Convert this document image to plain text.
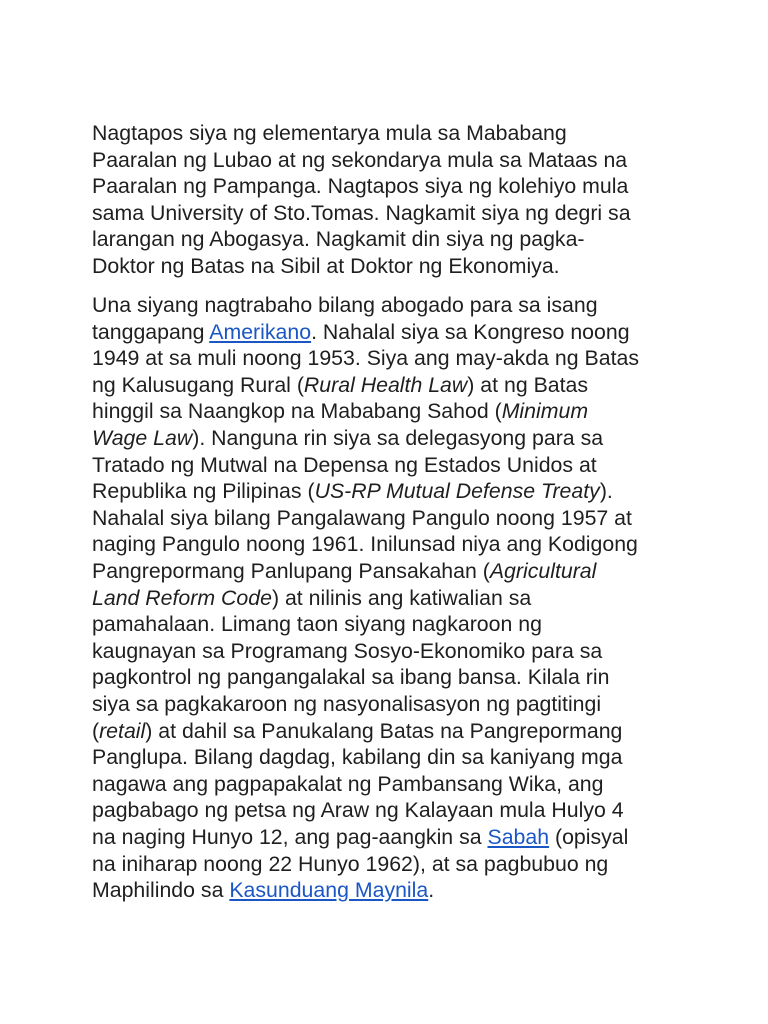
Nagtapos siya ng elementarya mula sa Mababang
Paaralan ng Lubao at ng sekondarya mula sa Mataas na
Paaralan ng Pampanga. Nagtapos siya ng kolehiyo mula
sama University of Sto.Tomas. Nagkamit siya ng degri sa
larangan ng Abogasya. Nagkamit din siya ng pagka-
Doktor ng Batas na Sibil at Doktor ng Ekonomiya.

Una siyang nagtrabaho bilang abogado para sa isang
tanggapang Amerikano. Nahalal siya sa Kongreso noong
1949 at sa muli noong 1953. Siya ang may-akda ng Batas
ng Kalusugang Rural (Rural Health Law) at ng Batas
hinggil sa Naangkop na Mababang Sahod (Minimum
Wage Law). Nanguna rin siya sa delegasyong para sa
Tratado ng Mutwal na Depensa ng Estados Unidos at
Republika ng Pilipinas (US-RP Mutual Defense Treaty).
Nahalal siya bilang Pangalawang Pangulo noong 1957 at
naging Pangulo noong 1961. Inilunsad niya ang Kodigong
Pangrepormang Panlupang Pansakahan (Agricultural
Land Reform Code) at nilinis ang katiwalian sa
pamahalaan. Limang taon siyang nagkaroon ng
kaugnayan sa Programang Sosyo-Ekonomiko para sa
pagkontrol ng pangangalakal sa ibang bansa. Kilala rin
siya sa pagkakaroon ng nasyonalisasyon ng pagtitingi
(retail) at dahil sa Panukalang Batas na Pangrepormang
Panglupa. Bilang dagdag, kabilang din sa kaniyang mga
nagawa ang pagpapakalat ng Pambansang Wika, ang
pagbabago ng petsa ng Araw ng Kalayaan mula Hulyo 4
na naging Hunyo 12, ang pag-aangkin sa Sabah (opisyal
na iniharap noong 22 Hunyo 1962), at sa pagbubuo ng
Maphilindo sa Kasunduang Maynila.
